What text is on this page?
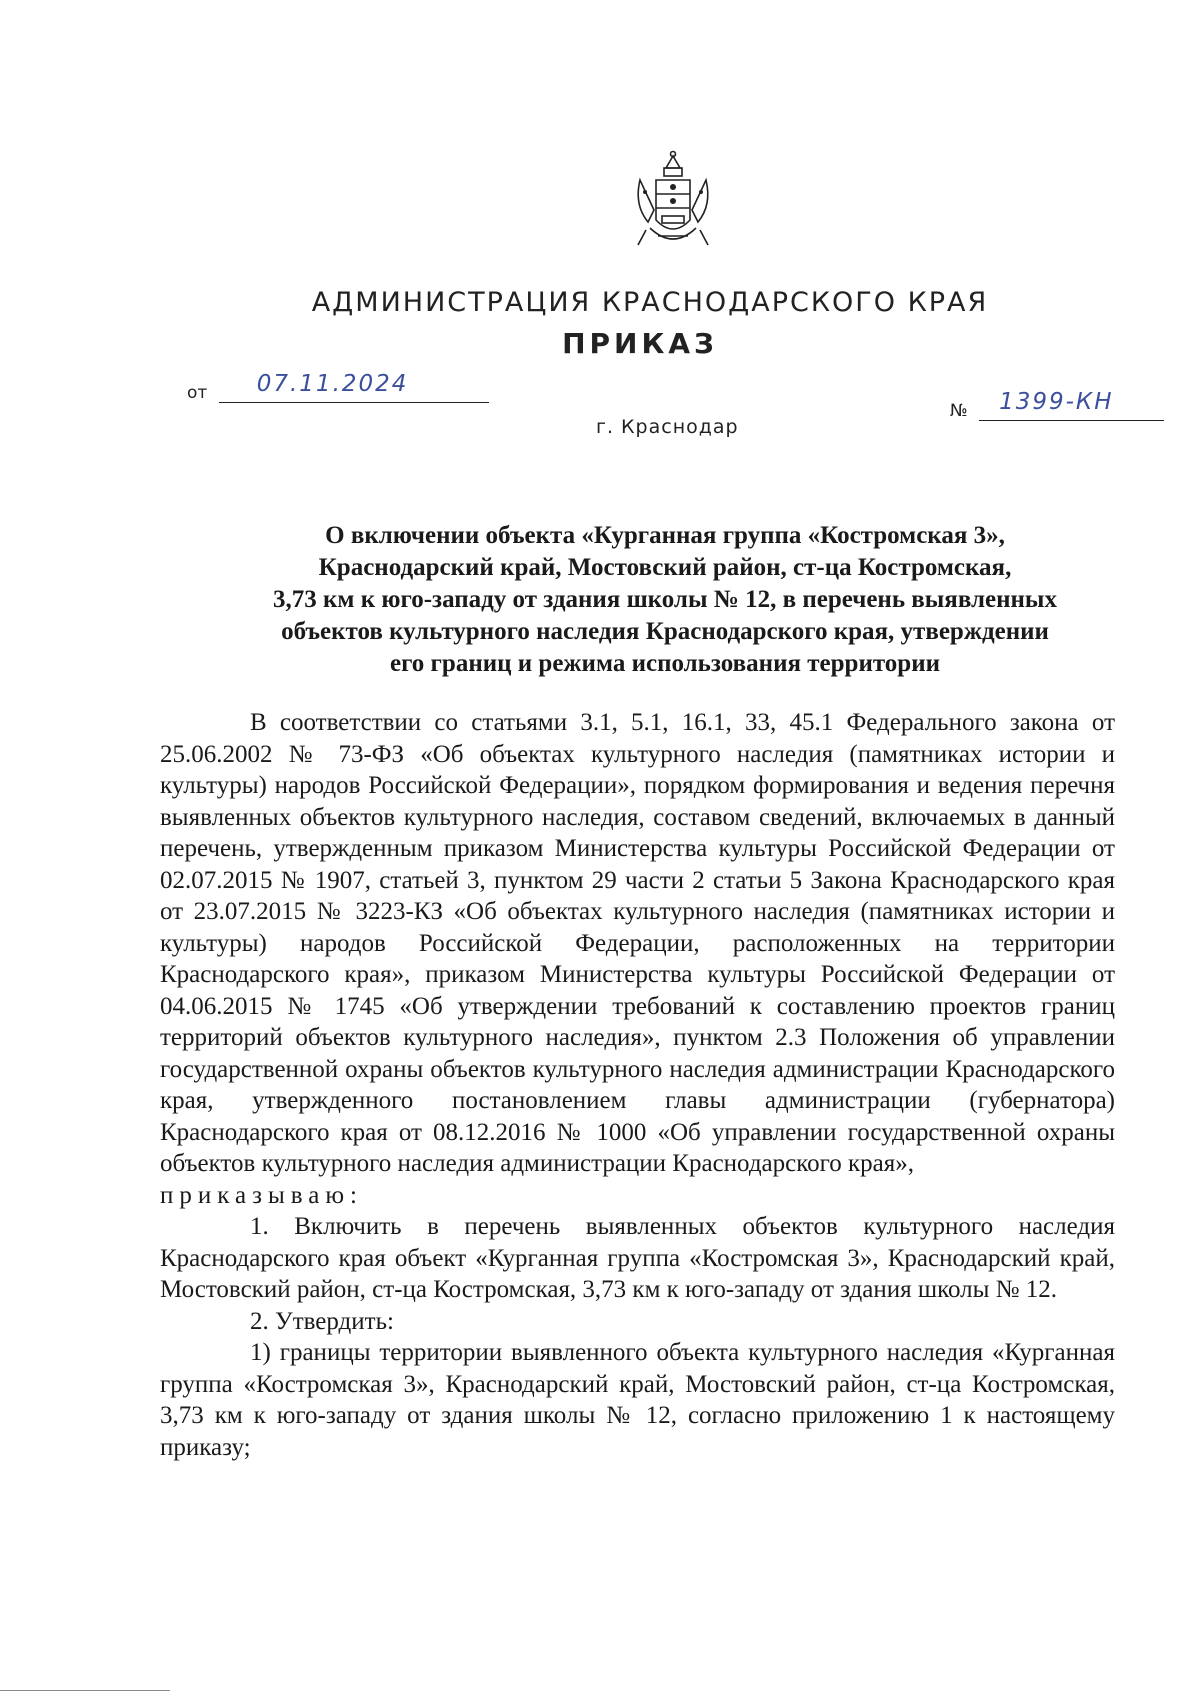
АДМИНИСТРАЦИЯ КРАСНОДАРСКОГО КРАЯ
ПРИКАЗ
от 07.11.2024
№ 1399-КН
г. Краснодар
О включении объекта «Курганная группа «Костромская 3»,
Краснодарский край, Мостовский район, ст-ца Костромская,
3,73 км к юго-западу от здания школы № 12, в перечень выявленных
объектов культурного наследия Краснодарского края, утверждении
его границ и режима использования территории

В соответствии со статьями 3.1, 5.1, 16.1, 33, 45.1 Федерального закона от 25.06.2002 № 73-ФЗ «Об объектах культурного наследия (памятниках истории и культуры) народов Российской Федерации», порядком формирования и ведения перечня выявленных объектов культурного наследия, составом сведений, включаемых в данный перечень, утвержденным приказом Министерства культуры Российской Федерации от 02.07.2015 № 1907, статьей 3, пунктом 29 части 2 статьи 5 Закона Краснодарского края от 23.07.2015 № 3223-КЗ «Об объектах культурного наследия (памятниках истории и культуры) народов Российской Федерации, расположенных на территории Краснодарского края», приказом Министерства культуры Российской Федерации от 04.06.2015 № 1745 «Об утверждении требований к составлению проектов границ территорий объектов культурного наследия», пунктом 2.3 Положения об управлении государственной охраны объектов культурного наследия администрации Краснодарского края, утвержденного постановлением главы администрации (губернатора) Краснодарского края от 08.12.2016 № 1000 «Об управлении государственной охраны объектов культурного наследия администрации Краснодарского края»,

приказываю:

1. Включить в перечень выявленных объектов культурного наследия Краснодарского края объект «Курганная группа «Костромская 3», Краснодарский край, Мостовский район, ст-ца Костромская, 3,73 км к юго-западу от здания школы № 12.

2. Утвердить:

1) границы территории выявленного объекта культурного наследия «Курганная группа «Костромская 3», Краснодарский край, Мостовский район, ст-ца Костромская, 3,73 км к юго-западу от здания школы № 12, согласно приложению 1 к настоящему приказу;
